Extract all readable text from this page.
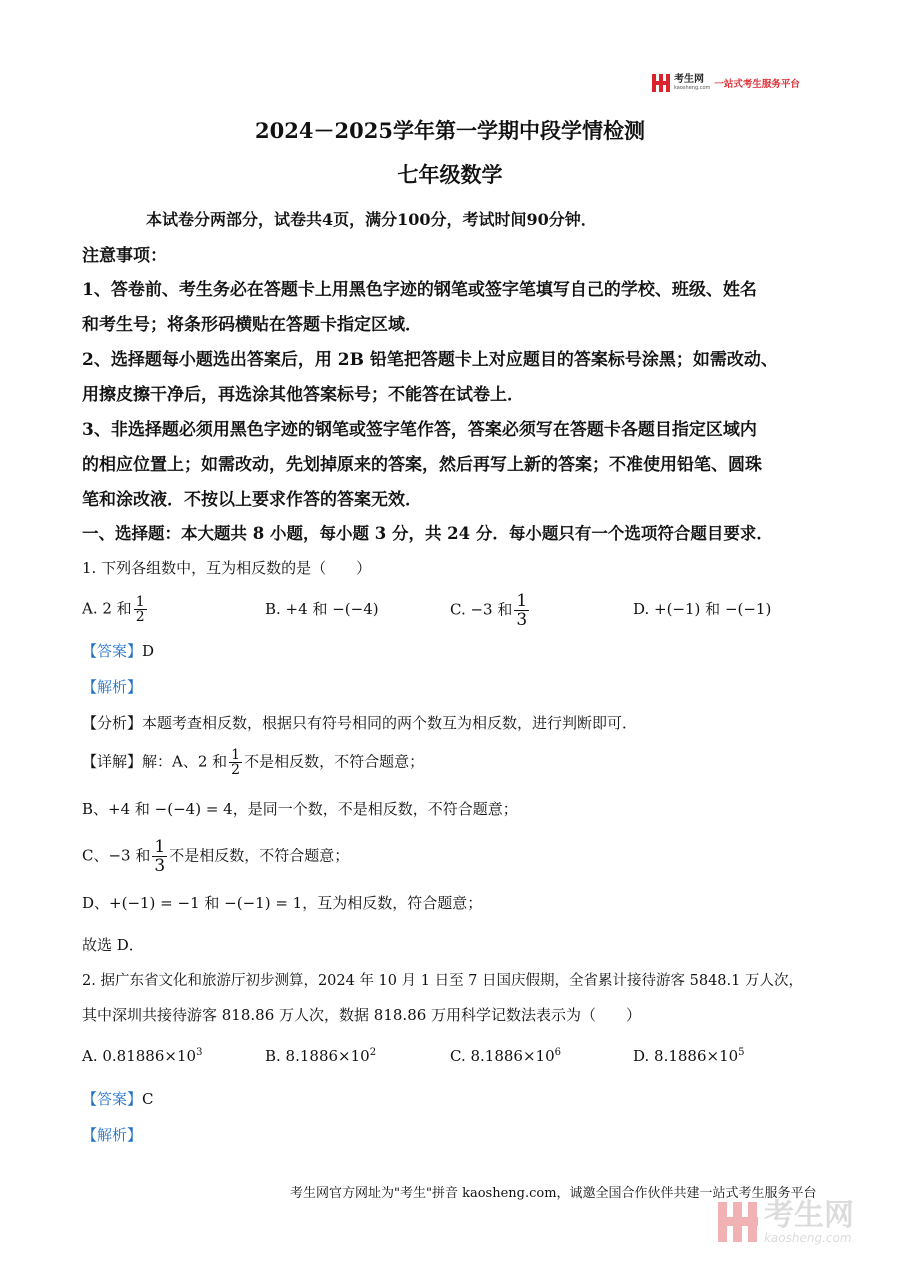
考生网
kaosheng.com 一站式考生服务平台
2024－2025学年第一学期中段学情检测
七年级数学
本试卷分两部分，试卷共4页，满分100分，考试时间90分钟．
注意事项：
1、答卷前、考生务必在答题卡上用黑色字迹的钢笔或签字笔填写自己的学校、班级、姓名
和考生号；将条形码横贴在答题卡指定区域．
2、选择题每小题选出答案后，用 2B 铅笔把答题卡上对应题目的答案标号涂黑；如需改动、
用擦皮擦干净后，再选涂其他答案标号；不能答在试卷上．
3、非选择题必须用黑色字迹的钢笔或签字笔作答，答案必须写在答题卡各题目指定区域内
的相应位置上；如需改动，先划掉原来的答案，然后再写上新的答案；不准使用铅笔、圆珠
笔和涂改液．不按以上要求作答的答案无效．
一、选择题：本大题共 8 小题，每小题 3 分，共 24 分．每小题只有一个选项符合题目要求．
1. 下列各组数中，互为相反数的是（　　）
A. 2 和 $\frac{1}{2}$	B. +4 和 −(−4)	C. −3 和 $\frac{1}{3}$	D. +(−1) 和 −(−1)
【答案】D
【解析】
【分析】本题考查相反数，根据只有符号相同的两个数互为相反数，进行判断即可．
【详解】解：A、2 和 $\frac{1}{2}$ 不是相反数，不符合题意；
B、+4 和 −(−4) = 4，是同一个数，不是相反数，不符合题意；
C、−3 和 $\frac{1}{3}$ 不是相反数，不符合题意；
D、+(−1) = −1 和 −(−1) = 1，互为相反数，符合题意；
故选 D．
2. 据广东省文化和旅游厅初步测算，2024 年 10 月 1 日至 7 日国庆假期，全省累计接待游客 5848.1 万人次，
其中深圳共接待游客 818.86 万人次，数据 818.86 万用科学记数法表示为（　　）
A. $0.81886\times 10^3$	B. $8.1886\times 10^2$	C. $8.1886\times 10^6$	D. $8.1886\times 10^5$
【答案】C
【解析】
考生网官方网址为"考生"拼音 kaosheng.com，诚邀全国合作伙伴共建一站式考生服务平台
考生网
kaosheng.com
